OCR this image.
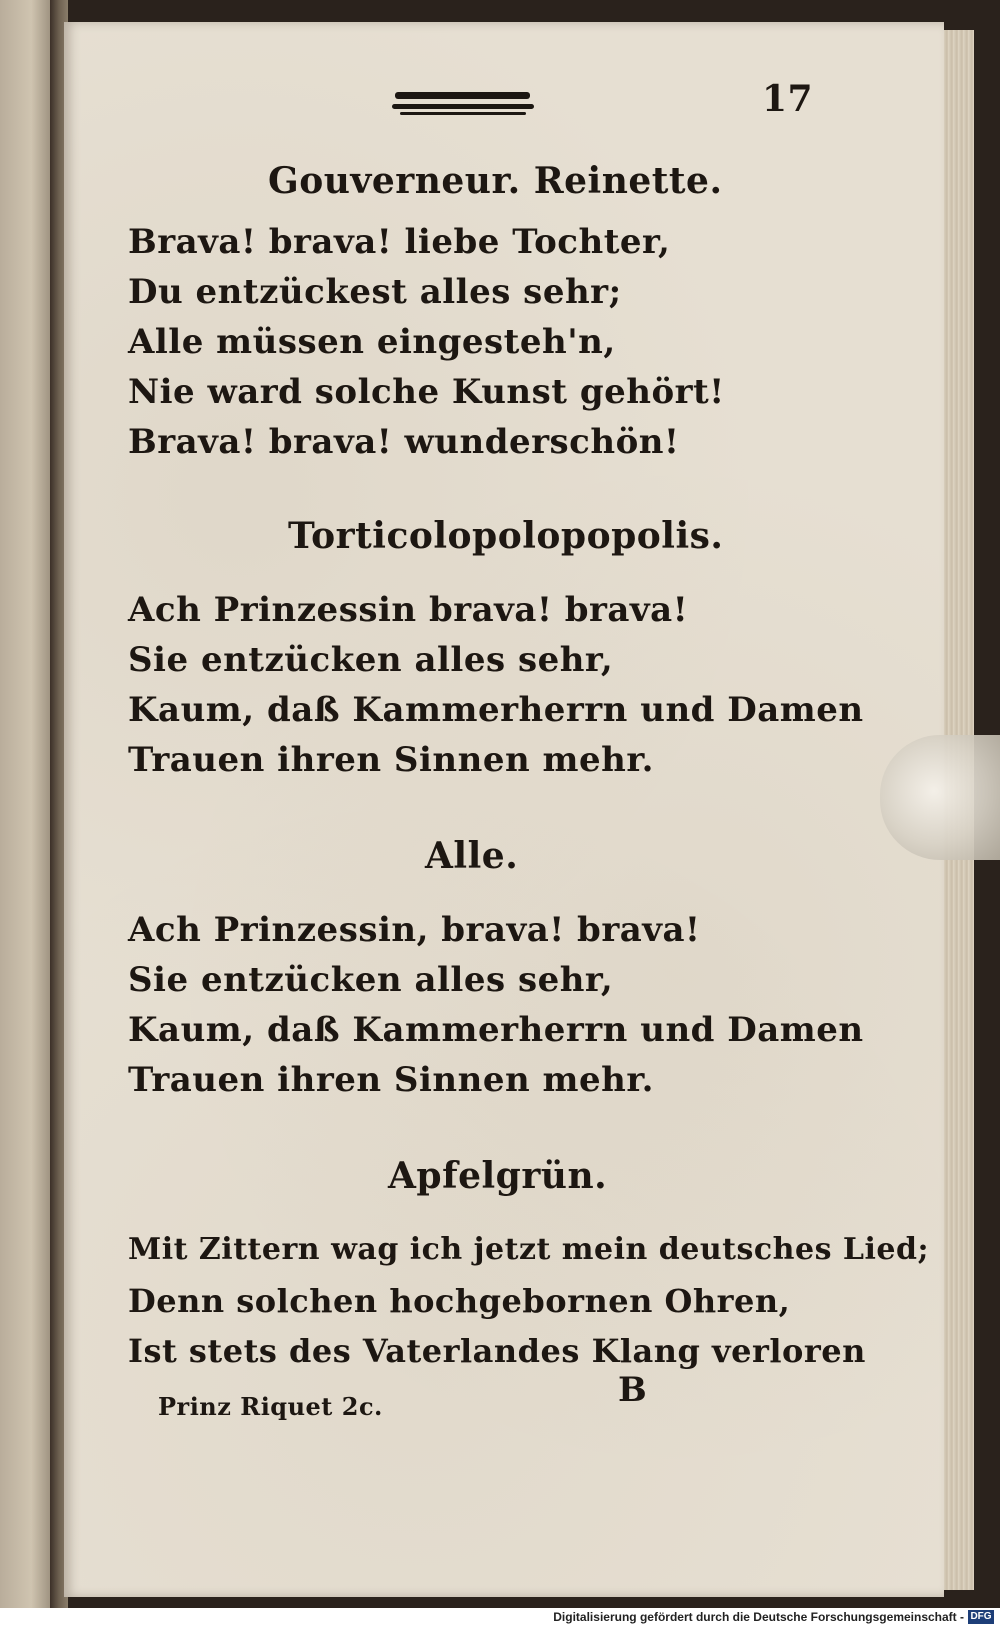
17
Gouverneur. Reinette.
Brava! brava! liebe Tochter,
Du entzückest alles sehr;
Alle müssen eingesteh'n,
Nie ward solche Kunst gehört!
Brava! brava! wunderschön!
Torticolopolopopolis.
Ach Prinzessin brava! brava!
Sie entzücken alles sehr,
Kaum, daß Kammerherrn und Damen
Trauen ihren Sinnen mehr.
Alle.
Ach Prinzessin, brava! brava!
Sie entzücken alles sehr,
Kaum, daß Kammerherrn und Damen
Trauen ihren Sinnen mehr.
Apfelgrün.
Mit Zittern wag ich jetzt mein deutsches Lied;
Denn solchen hochgebornen Ohren,
Ist stets des Vaterlandes Klang verloren
Prinz Riquet 2c.	B
Digitalisierung gefördert durch die Deutsche Forschungsgemeinschaft - DFG
